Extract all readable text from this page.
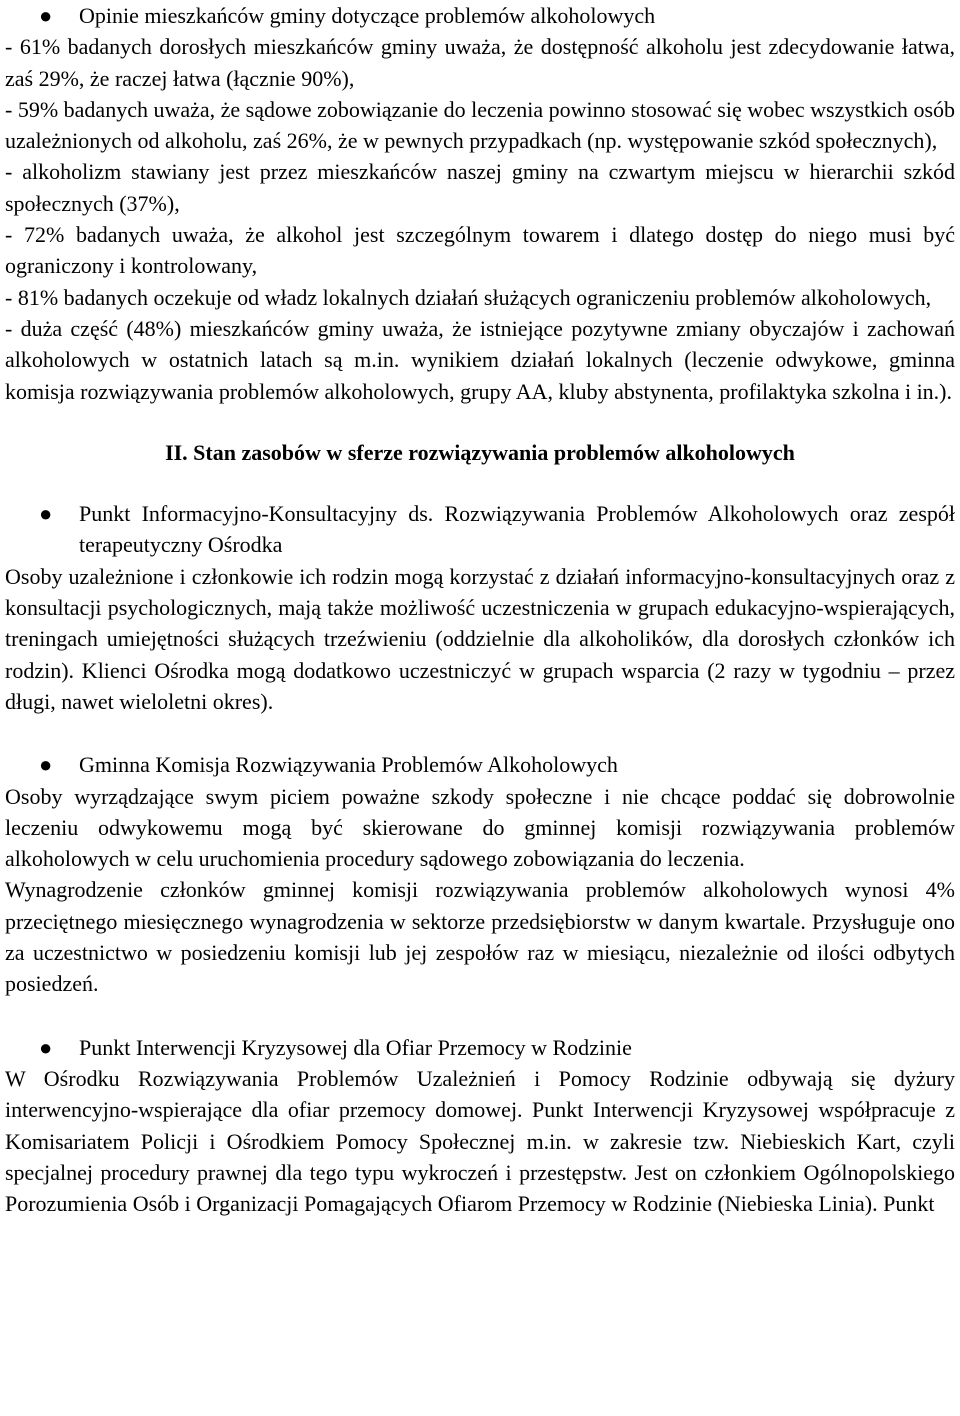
● Opinie mieszkańców gminy dotyczące problemów alkoholowych

- 61% badanych dorosłych mieszkańców gminy uważa, że dostępność alkoholu jest zdecydowanie łatwa, zaś 29%, że raczej łatwa (łącznie 90%),

- 59% badanych uważa, że sądowe zobowiązanie do leczenia powinno stosować się wobec wszystkich osób uzależnionych od alkoholu, zaś 26%, że w pewnych przypadkach (np. występowanie szkód społecznych),

- alkoholizm stawiany jest przez mieszkańców naszej gminy na czwartym miejscu w hierarchii szkód społecznych (37%),

- 72% badanych uważa, że alkohol jest szczególnym towarem i dlatego dostęp do niego musi być ograniczony i kontrolowany,

- 81% badanych oczekuje od władz lokalnych działań służących ograniczeniu problemów alkoholowych,

- duża część (48%) mieszkańców gminy uważa, że istniejące pozytywne zmiany obyczajów i zachowań alkoholowych w ostatnich latach są m.in. wynikiem działań lokalnych (leczenie odwykowe, gminna komisja rozwiązywania problemów alkoholowych, grupy AA, kluby abstynenta, profilaktyka szkolna i in.).

II. Stan zasobów w sferze rozwiązywania problemów alkoholowych

● Punkt Informacyjno-Konsultacyjny ds. Rozwiązywania Problemów Alkoholowych oraz zespół terapeutyczny Ośrodka

Osoby uzależnione i członkowie ich rodzin mogą korzystać z działań informacyjno-konsultacyjnych oraz z konsultacji psychologicznych, mają także możliwość uczestniczenia w grupach edukacyjno-wspierających, treningach umiejętności służących trzeźwieniu (oddzielnie dla alkoholików, dla dorosłych członków ich rodzin). Klienci Ośrodka mogą dodatkowo uczestniczyć w grupach wsparcia (2 razy w tygodniu – przez długi, nawet wieloletni okres).

● Gminna Komisja Rozwiązywania Problemów Alkoholowych

Osoby wyrządzające swym piciem poważne szkody społeczne i nie chcące poddać się dobrowolnie leczeniu odwykowemu mogą być skierowane do gminnej komisji rozwiązywania problemów alkoholowych w celu uruchomienia procedury sądowego zobowiązania do leczenia.

Wynagrodzenie członków gminnej komisji rozwiązywania problemów alkoholowych wynosi 4% przeciętnego miesięcznego wynagrodzenia w sektorze przedsiębiorstw w danym kwartale. Przysługuje ono za uczestnictwo w posiedzeniu komisji lub jej zespołów raz w miesiącu, niezależnie od ilości odbytych posiedzeń.

● Punkt Interwencji Kryzysowej dla Ofiar Przemocy w Rodzinie

W Ośrodku Rozwiązywania Problemów Uzależnień i Pomocy Rodzinie odbywają się dyżury interwencyjno-wspierające dla ofiar przemocy domowej. Punkt Interwencji Kryzysowej współpracuje z Komisariatem Policji i Ośrodkiem Pomocy Społecznej m.in. w zakresie tzw. Niebieskich Kart, czyli specjalnej procedury prawnej dla tego typu wykroczeń i przestępstw. Jest on członkiem Ogólnopolskiego Porozumienia Osób i Organizacji Pomagających Ofiarom Przemocy w Rodzinie (Niebieska Linia). Punkt
